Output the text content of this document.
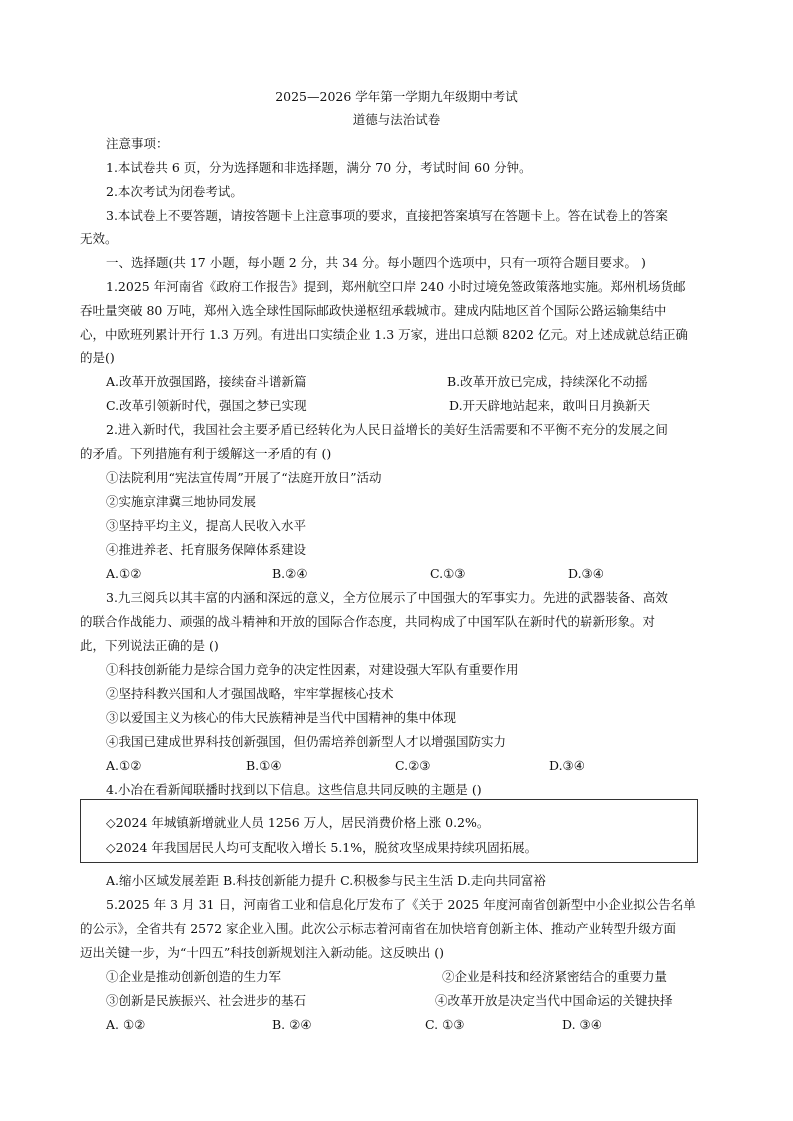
2025—2026 学年第一学期九年级期中考试
道德与法治试卷
注意事项：
1.本试卷共 6 页，分为选择题和非选择题，满分 70 分，考试时间 60 分钟。
2.本次考试为闭卷考试。
3.本试卷上不要答题，请按答题卡上注意事项的要求，直接把答案填写在答题卡上。答在试卷上的答案
无效。
一、选择题(共 17 小题，每小题 2 分，共 34 分。每小题四个选项中，只有一项符合题目要求。 )
1.2025 年河南省《政府工作报告》提到，郑州航空口岸 240 小时过境免签政策落地实施。郑州机场货邮
吞吐量突破 80 万吨，郑州入选全球性国际邮政快递枢纽承载城市。建成内陆地区首个国际公路运输集结中
心，中欧班列累计开行 1.3 万列。有进出口实绩企业 1.3 万家，进出口总额 8202 亿元。对上述成就总结正确
的是()
A.改革开放强国路，接续奋斗谱新篇	B.改革开放已完成，持续深化不动摇
C.改革引领新时代，强国之梦已实现	D.开天辟地站起来，敢叫日月换新天
2.进入新时代，我国社会主要矛盾已经转化为人民日益增长的美好生活需要和不平衡不充分的发展之间
的矛盾。下列措施有利于缓解这一矛盾的有 ()
①法院利用“宪法宣传周”开展了“法庭开放日”活动
②实施京津冀三地协同发展
③坚持平均主义，提高人民收入水平
④推进养老、托育服务保障体系建设
A.①②	B.②④	C.①③	D.③④
3.九三阅兵以其丰富的内涵和深远的意义，全方位展示了中国强大的军事实力。先进的武器装备、高效
的联合作战能力、顽强的战斗精神和开放的国际合作态度，共同构成了中国军队在新时代的崭新形象。对
此，下列说法正确的是 ()
①科技创新能力是综合国力竞争的决定性因素，对建设强大军队有重要作用
②坚持科教兴国和人才强国战略，牢牢掌握核心技术
③以爱国主义为核心的伟大民族精神是当代中国精神的集中体现
④我国已建成世界科技创新强国，但仍需培养创新型人才以增强国防实力
A.①②	B.①④	C.②③	D.③④
4.小冶在看新闻联播时找到以下信息。这些信息共同反映的主题是 ()
◇2024 年城镇新增就业人员 1256 万人，居民消费价格上涨 0.2%。
◇2024 年我国居民人均可支配收入增长 5.1%，脱贫攻坚成果持续巩固拓展。
A.缩小区域发展差距 B.科技创新能力提升 C.积极参与民主生活 D.走向共同富裕
5.2025 年 3 月 31 日，河南省工业和信息化厅发布了《关于 2025 年度河南省创新型中小企业拟公告名单
的公示》，全省共有 2572 家企业入围。此次公示标志着河南省在加快培育创新主体、推动产业转型升级方面
迈出关键一步，为“十四五”科技创新规划注入新动能。这反映出 ()
①企业是推动创新创造的生力军	②企业是科技和经济紧密结合的重要力量
③创新是民族振兴、社会进步的基石	④改革开放是决定当代中国命运的关键抉择
A. ①②	B. ②④	C. ①③	D. ③④
